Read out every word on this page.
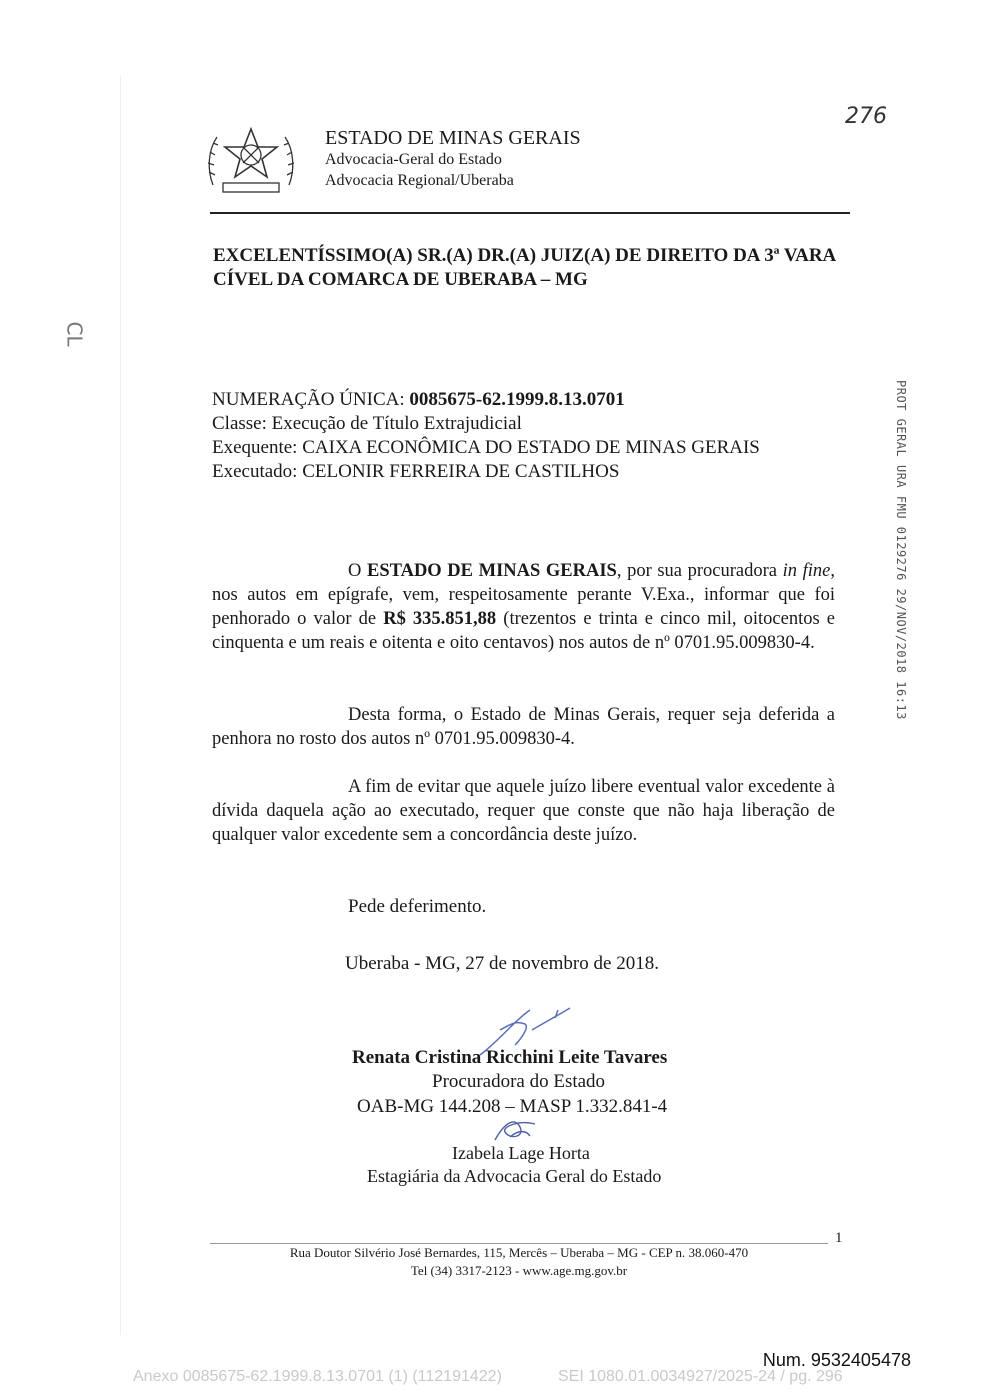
ESTADO DE MINAS GERAIS
Advocacia-Geral do Estado
Advocacia Regional/Uberaba
276
EXCELENTÍSSIMO(A) SR.(A) DR.(A) JUIZ(A) DE DIREITO DA 3ª VARA CÍVEL DA COMARCA DE UBERABA – MG
CL
NUMERAÇÃO ÚNICA: 0085675-62.1999.8.13.0701
Classe: Execução de Título Extrajudicial
Exequente: CAIXA ECONÔMICA DO ESTADO DE MINAS GERAIS
Executado: CELONIR FERREIRA DE CASTILHOS	PROT GERAL URA FMU 0129276 29/NOV/2018 16:13
O ESTADO DE MINAS GERAIS, por sua procuradora in fine, nos autos em epígrafe, vem, respeitosamente perante V.Exa., informar que foi penhorado o valor de R$ 335.851,88 (trezentos e trinta e cinco mil, oitocentos e cinquenta e um reais e oitenta e oito centavos) nos autos de nº 0701.95.009830-4.
Desta forma, o Estado de Minas Gerais, requer seja deferida a penhora no rosto dos autos nº 0701.95.009830-4.
A fim de evitar que aquele juízo libere eventual valor excedente à dívida daquela ação ao executado, requer que conste que não haja liberação de qualquer valor excedente sem a concordância deste juízo.
Pede deferimento.
Uberaba - MG, 27 de novembro de 2018.
Renata Cristina Ricchini Leite Tavares
Procuradora do Estado
OAB-MG 144.208 – MASP 1.332.841-4
Izabela Lage Horta
Estagiária da Advocacia Geral do Estado
1
Rua Doutor Silvério José Bernardes, 115, Mercês – Uberaba – MG - CEP n. 38.060-470
Tel (34) 3317-2123 - www.age.mg.gov.br
Num. 9532405478
Anexo 0085675-62.1999.8.13.0701 (1) (112191422)	SEI 1080.01.0034927/2025-24 / pg. 296
